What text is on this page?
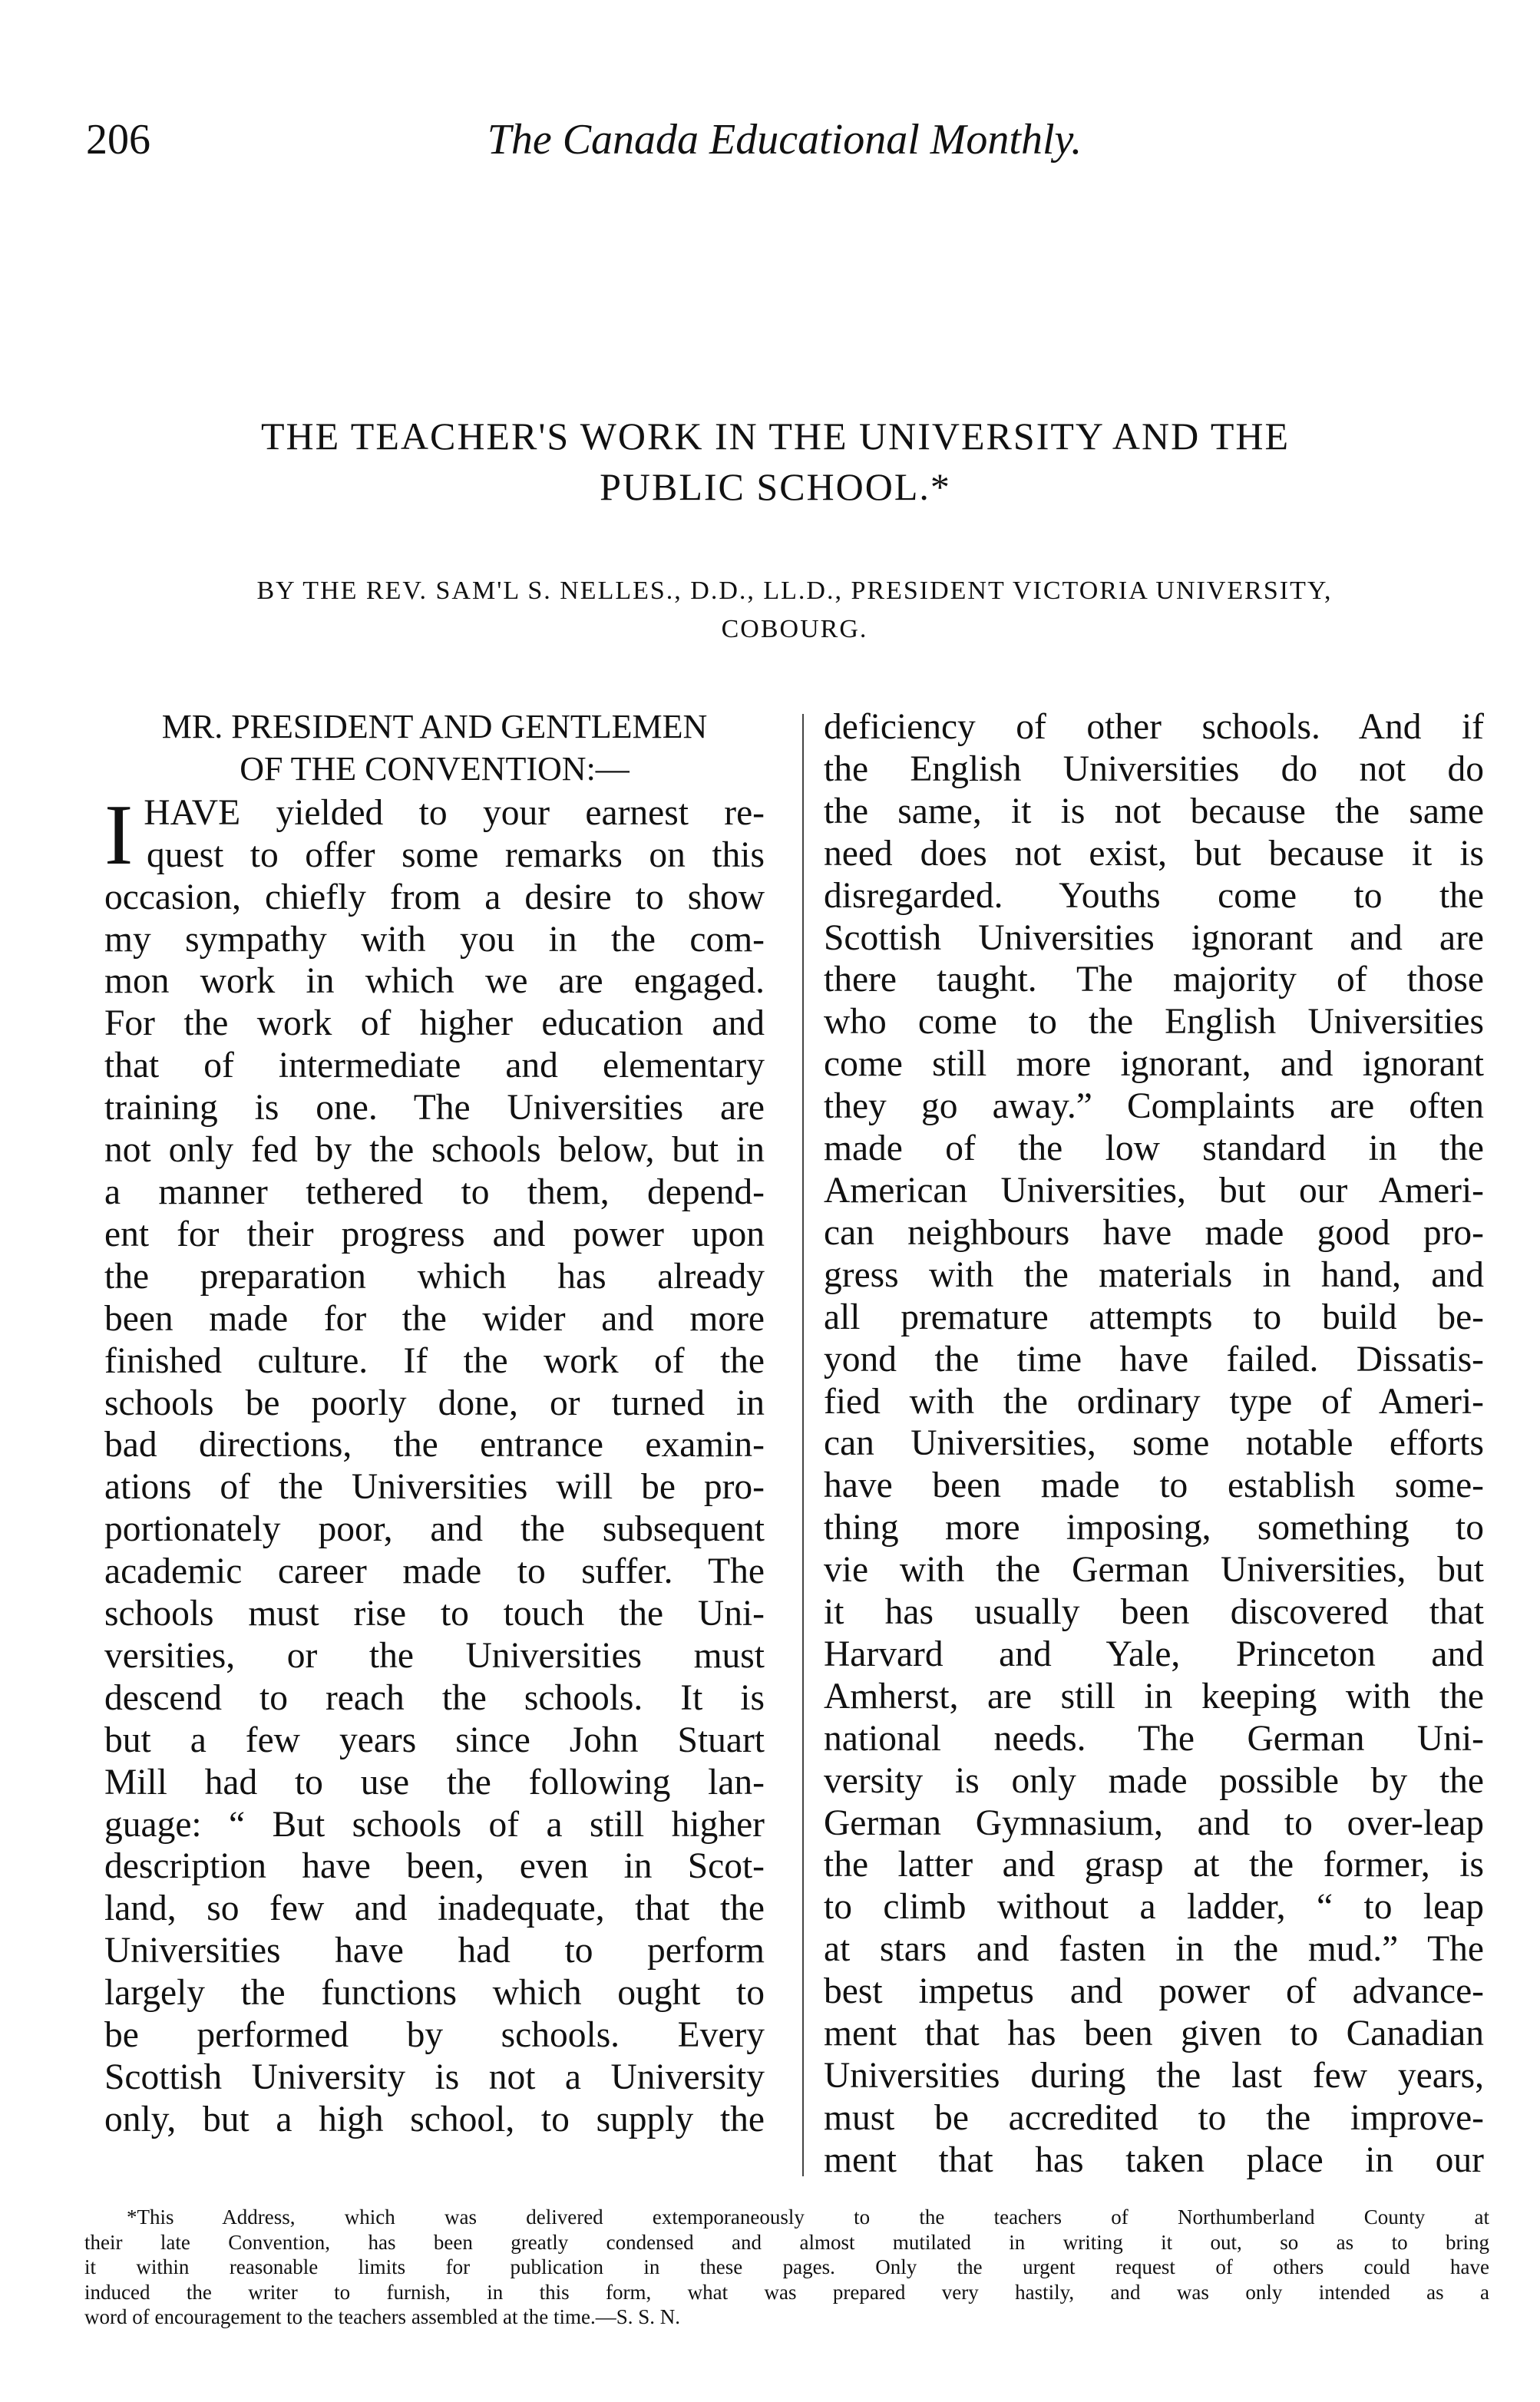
206	The Canada Educational Monthly.
THE TEACHER'S WORK IN THE UNIVERSITY AND THE
PUBLIC SCHOOL.*
BY THE REV. SAM'L S. NELLES., D.D., LL.D., PRESIDENT VICTORIA UNIVERSITY,
COBOURG.
MR. PRESIDENT AND GENTLEMEN
OF THE CONVENTION:—
I HAVE yielded to your earnest re-
quest to offer some remarks on this
occasion, chiefly from a desire to show
my sympathy with you in the com-
mon work in which we are engaged.
For the work of higher education and
that of intermediate and elementary
training is one. The Universities are
not only fed by the schools below, but in
a manner tethered to them, depend-
ent for their progress and power upon
the preparation which has already
been made for the wider and more
finished culture. If the work of the
schools be poorly done, or turned in
bad directions, the entrance examin-
ations of the Universities will be pro-
portionately poor, and the subsequent
academic career made to suffer. The
schools must rise to touch the Uni-
versities, or the Universities must
descend to reach the schools. It is
but a few years since John Stuart
Mill had to use the following lan-
guage: “ But schools of a still higher
description have been, even in Scot-
land, so few and inadequate, that the
Universities have had to perform
largely the functions which ought to
be performed by schools. Every
Scottish University is not a University
only, but a high school, to supply the
deficiency of other schools. And if
the English Universities do not do
the same, it is not because the same
need does not exist, but because it is
disregarded. Youths come to the
Scottish Universities ignorant and are
there taught. The majority of those
who come to the English Universities
come still more ignorant, and ignorant
they go away.” Complaints are often
made of the low standard in the
American Universities, but our Ameri-
can neighbours have made good pro-
gress with the materials in hand, and
all premature attempts to build be-
yond the time have failed. Dissatis-
fied with the ordinary type of Ameri-
can Universities, some notable efforts
have been made to establish some-
thing more imposing, something to
vie with the German Universities, but
it has usually been discovered that
Harvard and Yale, Princeton and
Amherst, are still in keeping with the
national needs. The German Uni-
versity is only made possible by the
German Gymnasium, and to over-leap
the latter and grasp at the former, is
to climb without a ladder, “ to leap
at stars and fasten in the mud.” The
best impetus and power of advance-
ment that has been given to Canadian
Universities during the last few years,
must be accredited to the improve-
ment that has taken place in our
*This Address, which was delivered extemporaneously to the teachers of Northumberland County at
their late Convention, has been greatly condensed and almost mutilated in writing it out, so as to bring
it within reasonable limits for publication in these pages. Only the urgent request of others could have
induced the writer to furnish, in this form, what was prepared very hastily, and was only intended as a
word of encouragement to the teachers assembled at the time.—S. S. N.
